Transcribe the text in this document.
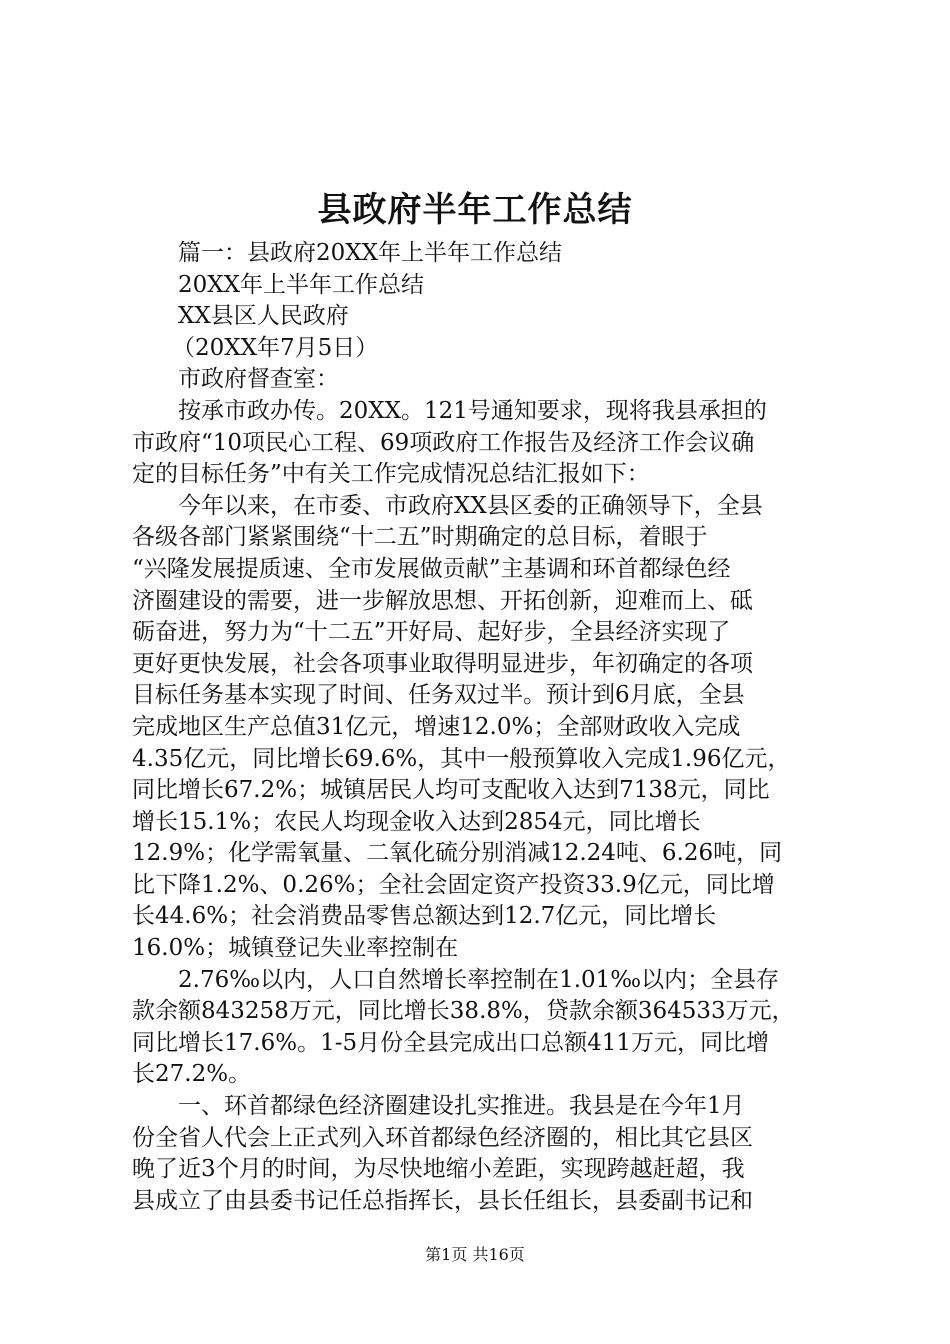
县政府半年工作总结
篇一：县政府20XX年上半年工作总结
20XX年上半年工作总结
XX县区人民政府
（20XX年7月5日）
市政府督查室：
按承市政办传。20XX。121号通知要求，现将我县承担的
市政府“10项民心工程、69项政府工作报告及经济工作会议确
定的目标任务”中有关工作完成情况总结汇报如下：
今年以来，在市委、市政府XX县区委的正确领导下，全县
各级各部门紧紧围绕“十二五”时期确定的总目标，着眼于
“兴隆发展提质速、全市发展做贡献”主基调和环首都绿色经
济圈建设的需要，进一步解放思想、开拓创新，迎难而上、砥
砺奋进，努力为“十二五”开好局、起好步，全县经济实现了
更好更快发展，社会各项事业取得明显进步，年初确定的各项
目标任务基本实现了时间、任务双过半。预计到6月底，全县
完成地区生产总值31亿元，增速12.0%；全部财政收入完成
4.35亿元，同比增长69.6%，其中一般预算收入完成1.96亿元，
同比增长67.2%；城镇居民人均可支配收入达到7138元，同比
增长15.1%；农民人均现金收入达到2854元，同比增长
12.9%；化学需氧量、二氧化硫分别消减12.24吨、6.26吨，同
比下降1.2%、0.26%；全社会固定资产投资33.9亿元，同比增
长44.6%；社会消费品零售总额达到12.7亿元，同比增长
16.0%；城镇登记失业率控制在
2.76‰以内，人口自然增长率控制在1.01‰以内；全县存
款余额843258万元，同比增长38.8%，贷款余额364533万元，
同比增长17.6%。1-5月份全县完成出口总额411万元，同比增
长27.2%。
一、环首都绿色经济圈建设扎实推进。我县是在今年1月
份全省人代会上正式列入环首都绿色经济圈的，相比其它县区
晚了近3个月的时间，为尽快地缩小差距，实现跨越赶超，我
县成立了由县委书记任总指挥长，县长任组长，县委副书记和
第1页 共16页
